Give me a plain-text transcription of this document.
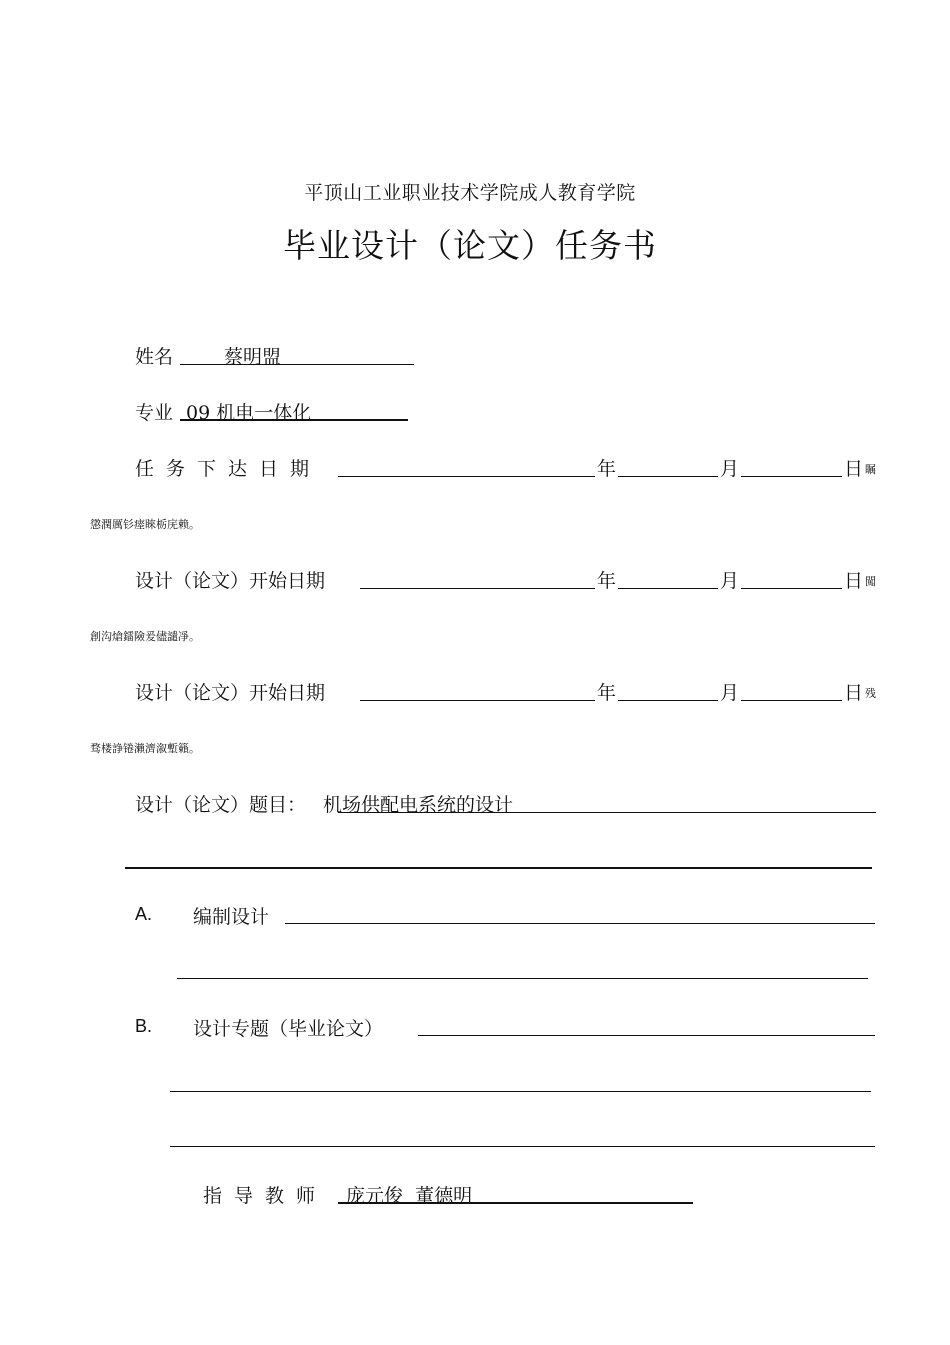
平顶山工业职业技术学院成人教育学院
毕业设计（论文）任务书
姓名	蔡明盟
专业 09 机电一体化
任务下达日期	年	月	日 瞩
懲潤厲钐瘗睞栃庑赖。
设计（论文）开始日期	年	月	日 闖
創沟熗鐳險爰儘譴凈。
设计（论文）开始日期	年	月	日 残
骛楼諍锩瀨濟溆塹籟。
设计（论文）题目： 机场供配电系统的设计
A. 编制设计
B. 设计专题（毕业论文）
指导教师 庞元俊  董德明
